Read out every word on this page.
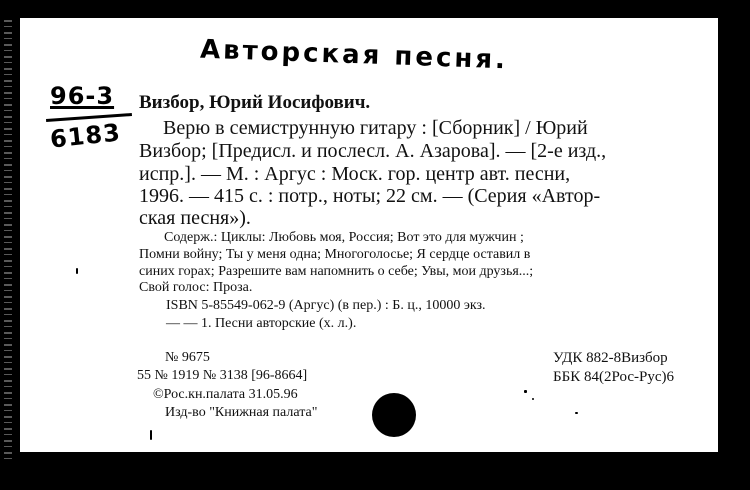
Авторская песня.
96-3
6183
Визбор, Юрий Иосифович.
Верю в семиструнную гитару : [Сборник] / Юрий
Визбор; [Предисл. и послесл. А. Азарова]. — [2-е изд.,
испр.]. — М. : Аргус : Моск. гор. центр авт. песни,
1996. — 415 с. : потр., ноты; 22 см. — (Серия «Автор-
ская песня»).
Содерж.: Циклы: Любовь моя, Россия; Вот это для мужчин ;
Помни войну; Ты у меня одна; Многоголосье; Я сердце оставил в
синих горах; Разрешите вам напомнить о себе; Увы, мои друзья...;
Свой голос: Проза.
ISBN 5-85549-062-9 (Аргус) (в пер.) : Б. ц., 10000 экз.
— — 1. Песни авторские (х. л.).
№ 9675
55 № 1919 № 3138 [96-8664]
©Рос.кн.палата 31.05.96
Изд-во "Книжная палата"
УДК 882-8Визбор
ББК 84(2Рос-Рус)6
